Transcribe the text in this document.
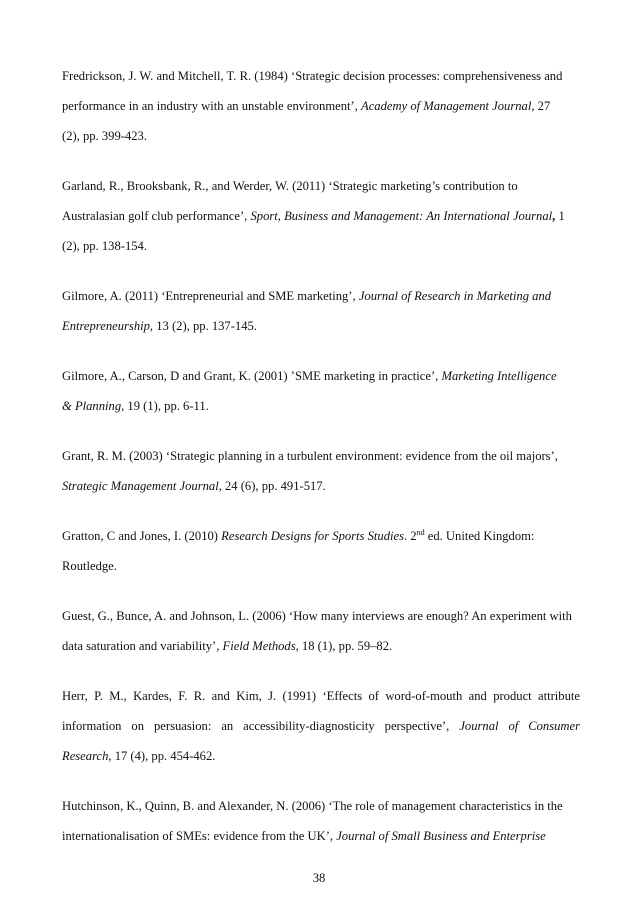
Fredrickson, J. W. and Mitchell, T. R. (1984) ‘Strategic decision processes: comprehensiveness and
performance in an industry with an unstable environment’, Academy of Management Journal, 27
(2), pp. 399-423.
Garland, R., Brooksbank, R., and Werder, W. (2011) ‘Strategic marketing’s contribution to
Australasian golf club performance’, Sport, Business and Management: An International Journal, 1
(2), pp. 138-154.
Gilmore, A. (2011) ‘Entrepreneurial and SME marketing’, Journal of Research in Marketing and
Entrepreneurship, 13 (2), pp. 137-145.
Gilmore, A., Carson, D and Grant, K. (2001) ’SME marketing in practice’, Marketing Intelligence
& Planning, 19 (1), pp. 6-11.
Grant, R. M. (2003) ‘Strategic planning in a turbulent environment: evidence from the oil majors’,
Strategic Management Journal, 24 (6), pp. 491-517.
Gratton, C and Jones, I. (2010) Research Designs for Sports Studies. 2nd ed. United Kingdom:
Routledge.
Guest, G., Bunce, A. and Johnson, L. (2006) ‘How many interviews are enough? An experiment with
data saturation and variability’, Field Methods, 18 (1), pp. 59–82.
Herr, P. M., Kardes, F. R. and Kim, J. (1991) ‘Effects of word-of-mouth and product attribute
information on persuasion: an accessibility-diagnosticity perspective’, Journal of Consumer
Research, 17 (4), pp. 454-462.
Hutchinson, K., Quinn, B. and Alexander, N. (2006) ‘The role of management characteristics in the
internationalisation of SMEs: evidence from the UK’, Journal of Small Business and Enterprise
38
